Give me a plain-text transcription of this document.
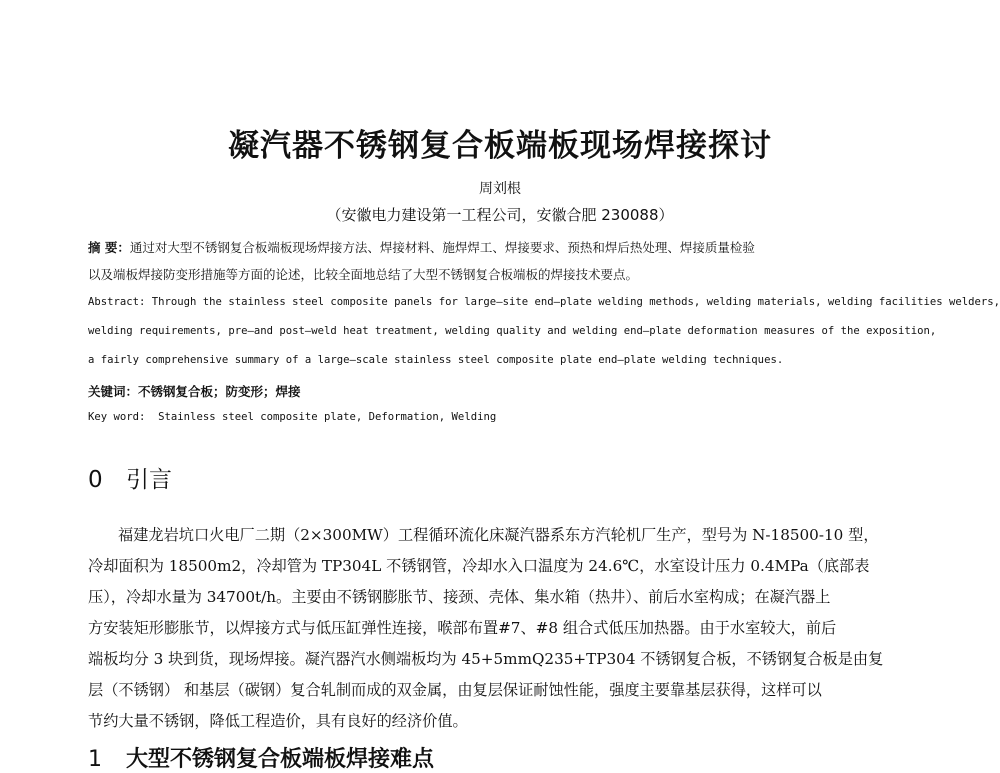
凝汽器不锈钢复合板端板现场焊接探讨
周刘根
（安徽电力建设第一工程公司，安徽合肥 230088）
摘 要：通过对大型不锈钢复合板端板现场焊接方法、焊接材料、施焊焊工、焊接要求、预热和焊后热处理、焊接质量检验
以及端板焊接防变形措施等方面的论述，比较全面地总结了大型不锈钢复合板端板的焊接技术要点。
Abstract: Through the stainless steel composite panels for large—site end—plate welding methods, welding materials, welding facilities welders,
welding requirements, pre—and post—weld heat treatment, welding quality and welding end—plate deformation measures of the exposition,
a fairly comprehensive summary of a large—scale stainless steel composite plate end—plate welding techniques.
关键词：不锈钢复合板；防变形；焊接
Key word: Stainless steel composite plate, Deformation, Welding
0 引言
福建龙岩坑口火电厂二期（2×300MW）工程循环流化床凝汽器系东方汽轮机厂生产，型号为 N-18500-10 型，
冷却面积为 18500m2，冷却管为 TP304L 不锈钢管，冷却水入口温度为 24.6℃，水室设计压力 0.4MPa（底部表
压），冷却水量为 34700t/h。主要由不锈钢膨胀节、接颈、壳体、集水箱（热井）、前后水室构成；在凝汽器上
方安装矩形膨胀节，以焊接方式与低压缸弹性连接，喉部布置#7、#8 组合式低压加热器。由于水室较大，前后
端板均分 3 块到货，现场焊接。凝汽器汽水侧端板均为 45+5mmQ235+TP304 不锈钢复合板，不锈钢复合板是由复
层（不锈钢） 和基层（碳钢）复合轧制而成的双金属，由复层保证耐蚀性能，强度主要靠基层获得，这样可以
节约大量不锈钢，降低工程造价，具有良好的经济价值。
1 大型不锈钢复合板端板焊接难点
